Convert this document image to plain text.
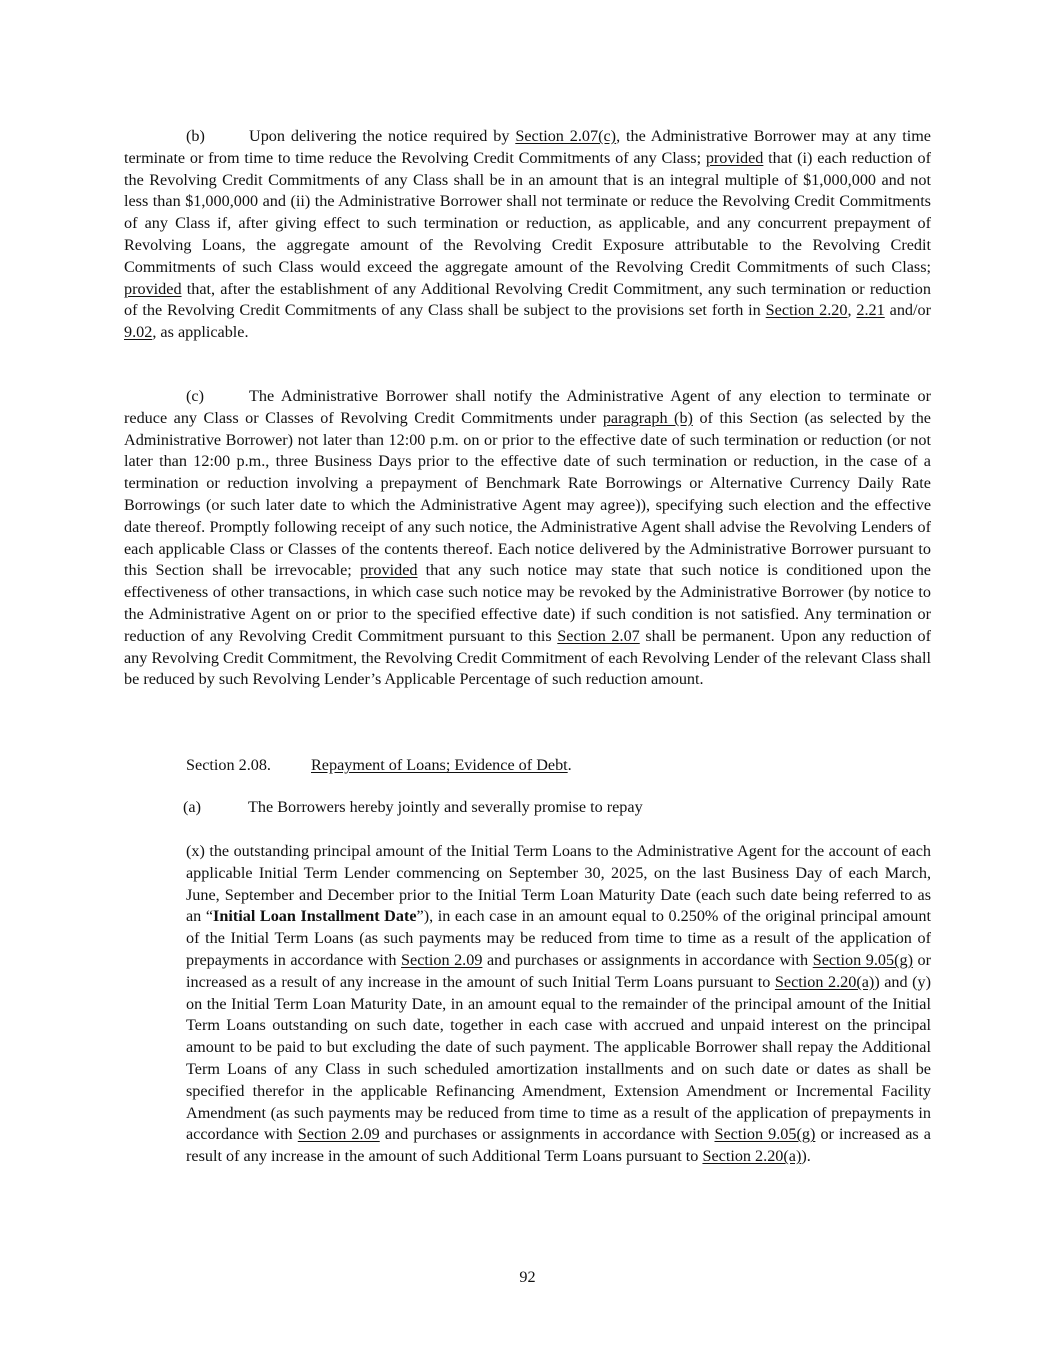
(b)	Upon delivering the notice required by Section 2.07(c), the Administrative Borrower may at any time terminate or from time to time reduce the Revolving Credit Commitments of any Class; provided that (i) each reduction of the Revolving Credit Commitments of any Class shall be in an amount that is an integral multiple of $1,000,000 and not less than $1,000,000 and (ii) the Administrative Borrower shall not terminate or reduce the Revolving Credit Commitments of any Class if, after giving effect to such termination or reduction, as applicable, and any concurrent prepayment of Revolving Loans, the aggregate amount of the Revolving Credit Exposure attributable to the Revolving Credit Commitments of such Class would exceed the aggregate amount of the Revolving Credit Commitments of such Class; provided that, after the establishment of any Additional Revolving Credit Commitment, any such termination or reduction of the Revolving Credit Commitments of any Class shall be subject to the provisions set forth in Section 2.20, 2.21 and/or 9.02, as applicable.

(c)	The Administrative Borrower shall notify the Administrative Agent of any election to terminate or reduce any Class or Classes of Revolving Credit Commitments under paragraph (b) of this Section (as selected by the Administrative Borrower) not later than 12:00 p.m. on or prior to the effective date of such termination or reduction (or not later than 12:00 p.m., three Business Days prior to the effective date of such termination or reduction, in the case of a termination or reduction involving a prepayment of Benchmark Rate Borrowings or Alternative Currency Daily Rate Borrowings (or such later date to which the Administrative Agent may agree)), specifying such election and the effective date thereof. Promptly following receipt of any such notice, the Administrative Agent shall advise the Revolving Lenders of each applicable Class or Classes of the contents thereof. Each notice delivered by the Administrative Borrower pursuant to this Section shall be irrevocable; provided that any such notice may state that such notice is conditioned upon the effectiveness of other transactions, in which case such notice may be revoked by the Administrative Borrower (by notice to the Administrative Agent on or prior to the specified effective date) if such condition is not satisfied. Any termination or reduction of any Revolving Credit Commitment pursuant to this Section 2.07 shall be permanent. Upon any reduction of any Revolving Credit Commitment, the Revolving Credit Commitment of each Revolving Lender of the relevant Class shall be reduced by such Revolving Lender’s Applicable Percentage of such reduction amount.

Section 2.08. Repayment of Loans; Evidence of Debt.

(a)	The Borrowers hereby jointly and severally promise to repay

(x) the outstanding principal amount of the Initial Term Loans to the Administrative Agent for the account of each applicable Initial Term Lender commencing on September 30, 2025, on the last Business Day of each March, June, September and December prior to the Initial Term Loan Maturity Date (each such date being referred to as an “Initial Loan Installment Date”), in each case in an amount equal to 0.250% of the original principal amount of the Initial Term Loans (as such payments may be reduced from time to time as a result of the application of prepayments in accordance with Section 2.09 and purchases or assignments in accordance with Section 9.05(g) or increased as a result of any increase in the amount of such Initial Term Loans pursuant to Section 2.20(a)) and (y) on the Initial Term Loan Maturity Date, in an amount equal to the remainder of the principal amount of the Initial Term Loans outstanding on such date, together in each case with accrued and unpaid interest on the principal amount to be paid to but excluding the date of such payment. The applicable Borrower shall repay the Additional Term Loans of any Class in such scheduled amortization installments and on such date or dates as shall be specified therefor in the applicable Refinancing Amendment, Extension Amendment or Incremental Facility Amendment (as such payments may be reduced from time to time as a result of the application of prepayments in accordance with Section 2.09 and purchases or assignments in accordance with Section 9.05(g) or increased as a result of any increase in the amount of such Additional Term Loans pursuant to Section 2.20(a)).

92
